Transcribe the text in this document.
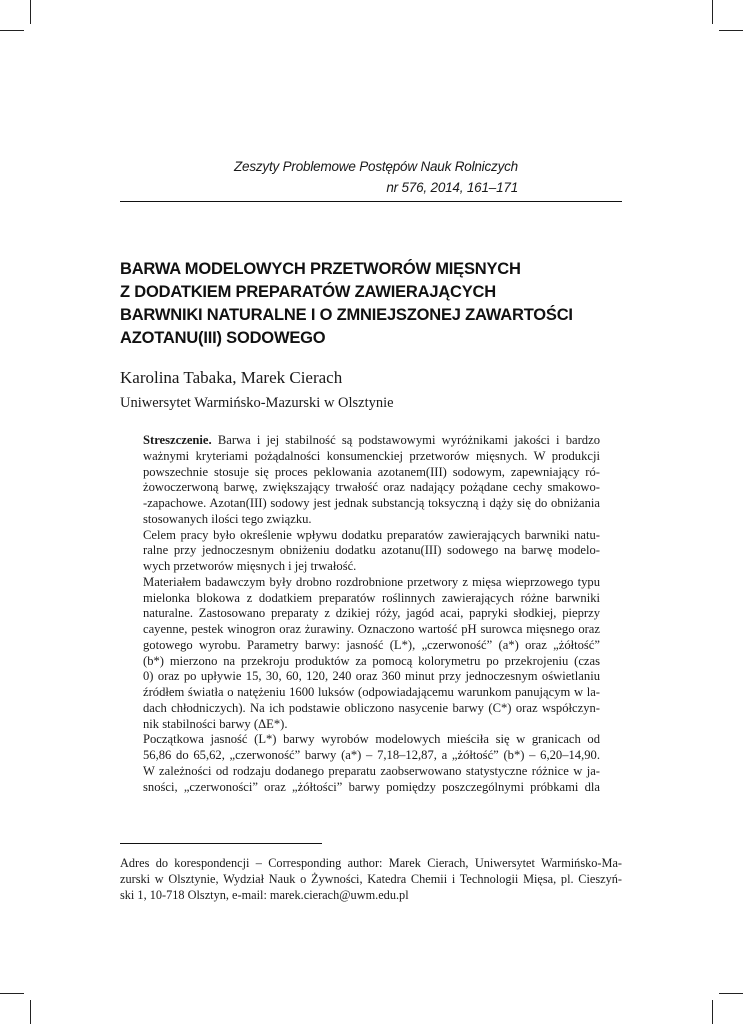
Zeszyty Problemowe Postępów Nauk Rolniczych
nr 576, 2014, 161–171
BARWA MODELOWYCH PRZETWORÓW MIĘSNYCH
Z DODATKIEM PREPARATÓW ZAWIERAJĄCYCH
BARWNIKI NATURALNE I O ZMNIEJSZONEJ ZAWARTOŚCI
AZOTANU(III) SODOWEGO
Karolina Tabaka, Marek Cierach
Uniwersytet Warmińsko-Mazurski w Olsztynie
Streszczenie. Barwa i jej stabilność są podstawowymi wyróżnikami jakości i bardzo
ważnymi kryteriami pożądalności konsumenckiej przetworów mięsnych. W produkcji
powszechnie stosuje się proces peklowania azotanem(III) sodowym, zapewniający ró-
żowoczerwoną barwę, zwiększający trwałość oraz nadający pożądane cechy smakowo-
-zapachowe. Azotan(III) sodowy jest jednak substancją toksyczną i dąży się do obniżania
stosowanych ilości tego związku.
Celem pracy było określenie wpływu dodatku preparatów zawierających barwniki natu-
ralne przy jednoczesnym obniżeniu dodatku azotanu(III) sodowego na barwę modelo-
wych przetworów mięsnych i jej trwałość.
Materiałem badawczym były drobno rozdrobnione przetwory z mięsa wieprzowego typu
mielonka blokowa z dodatkiem preparatów roślinnych zawierających różne barwniki
naturalne. Zastosowano preparaty z dzikiej róży, jagód acai, papryki słodkiej, pieprzy
cayenne, pestek winogron oraz żurawiny. Oznaczono wartość pH surowca mięsnego oraz
gotowego wyrobu. Parametry barwy: jasność (L*), „czerwoność” (a*) oraz „żółtość”
(b*) mierzono na przekroju produktów za pomocą kolorymetru po przekrojeniu (czas
0) oraz po upływie 15, 30, 60, 120, 240 oraz 360 minut przy jednoczesnym oświetlaniu
źródłem światła o natężeniu 1600 luksów (odpowiadającemu warunkom panującym w la-
dach chłodniczych). Na ich podstawie obliczono nasycenie barwy (C*) oraz współczyn-
nik stabilności barwy (ΔE*).
Początkowa jasność (L*) barwy wyrobów modelowych mieściła się w granicach od
56,86 do 65,62, „czerwoność” barwy (a*) – 7,18–12,87, a „żółtość” (b*) – 6,20–14,90.
W zależności od rodzaju dodanego preparatu zaobserwowano statystyczne różnice w ja-
sności, „czerwoności” oraz „żółtości” barwy pomiędzy poszczególnymi próbkami dla
Adres do korespondencji – Corresponding author: Marek Cierach, Uniwersytet Warmińsko-Ma-
zurski w Olsztynie, Wydział Nauk o Żywności, Katedra Chemii i Technologii Mięsa, pl. Cieszyń-
ski 1, 10-718 Olsztyn, e-mail: marek.cierach@uwm.edu.pl
